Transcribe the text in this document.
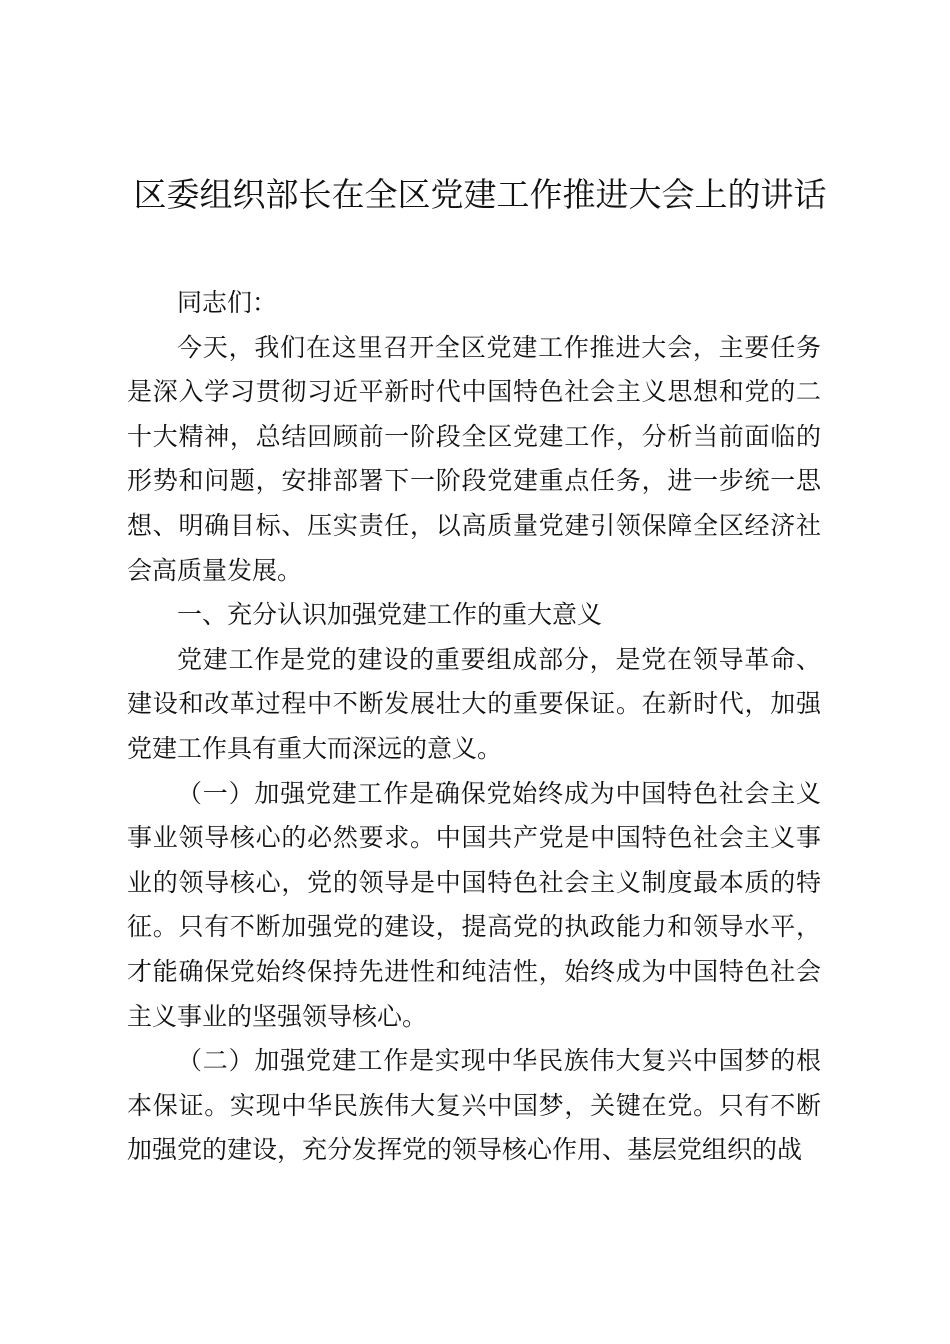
区委组织部长在全区党建工作推进大会上的讲话

同志们：

今天，我们在这里召开全区党建工作推进大会，主要任务是深入学习贯彻习近平新时代中国特色社会主义思想和党的二十大精神，总结回顾前一阶段全区党建工作，分析当前面临的形势和问题，安排部署下一阶段党建重点任务，进一步统一思想、明确目标、压实责任，以高质量党建引领保障全区经济社会高质量发展。

一、充分认识加强党建工作的重大意义

党建工作是党的建设的重要组成部分，是党在领导革命、建设和改革过程中不断发展壮大的重要保证。在新时代，加强党建工作具有重大而深远的意义。

（一）加强党建工作是确保党始终成为中国特色社会主义事业领导核心的必然要求。中国共产党是中国特色社会主义事业的领导核心，党的领导是中国特色社会主义制度最本质的特征。只有不断加强党的建设，提高党的执政能力和领导水平，才能确保党始终保持先进性和纯洁性，始终成为中国特色社会主义事业的坚强领导核心。

（二）加强党建工作是实现中华民族伟大复兴中国梦的根本保证。实现中华民族伟大复兴中国梦，关键在党。只有不断加强党的建设，充分发挥党的领导核心作用、基层党组织的战
